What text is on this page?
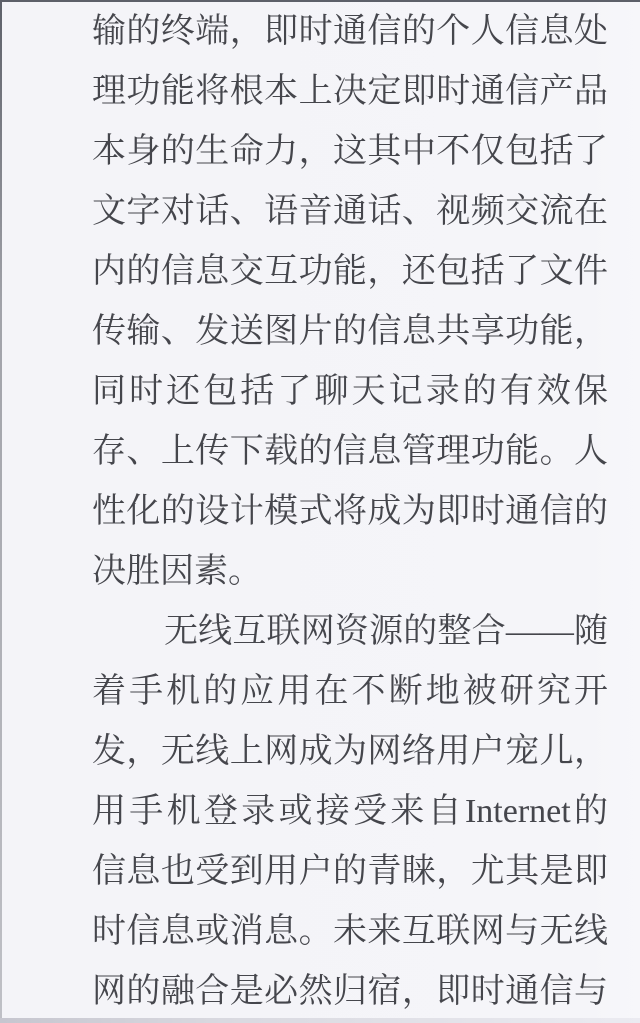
输的终端，即时通信的个人信息处
理功能将根本上决定即时通信产品
本身的生命力，这其中不仅包括了
文字对话、语音通话、视频交流在
内的信息交互功能，还包括了文件
传输、发送图片的信息共享功能，
同时还包括了聊天记录的有效保
存、上传下载的信息管理功能。人
性化的设计模式将成为即时通信的
决胜因素。
无线互联网资源的整合——随
着手机的应用在不断地被研究开
发，无线上网成为网络用户宠儿，
用手机登录或接受来自Internet的
信息也受到用户的青睐，尤其是即
时信息或消息。未来互联网与无线
网的融合是必然归宿，即时通信与
